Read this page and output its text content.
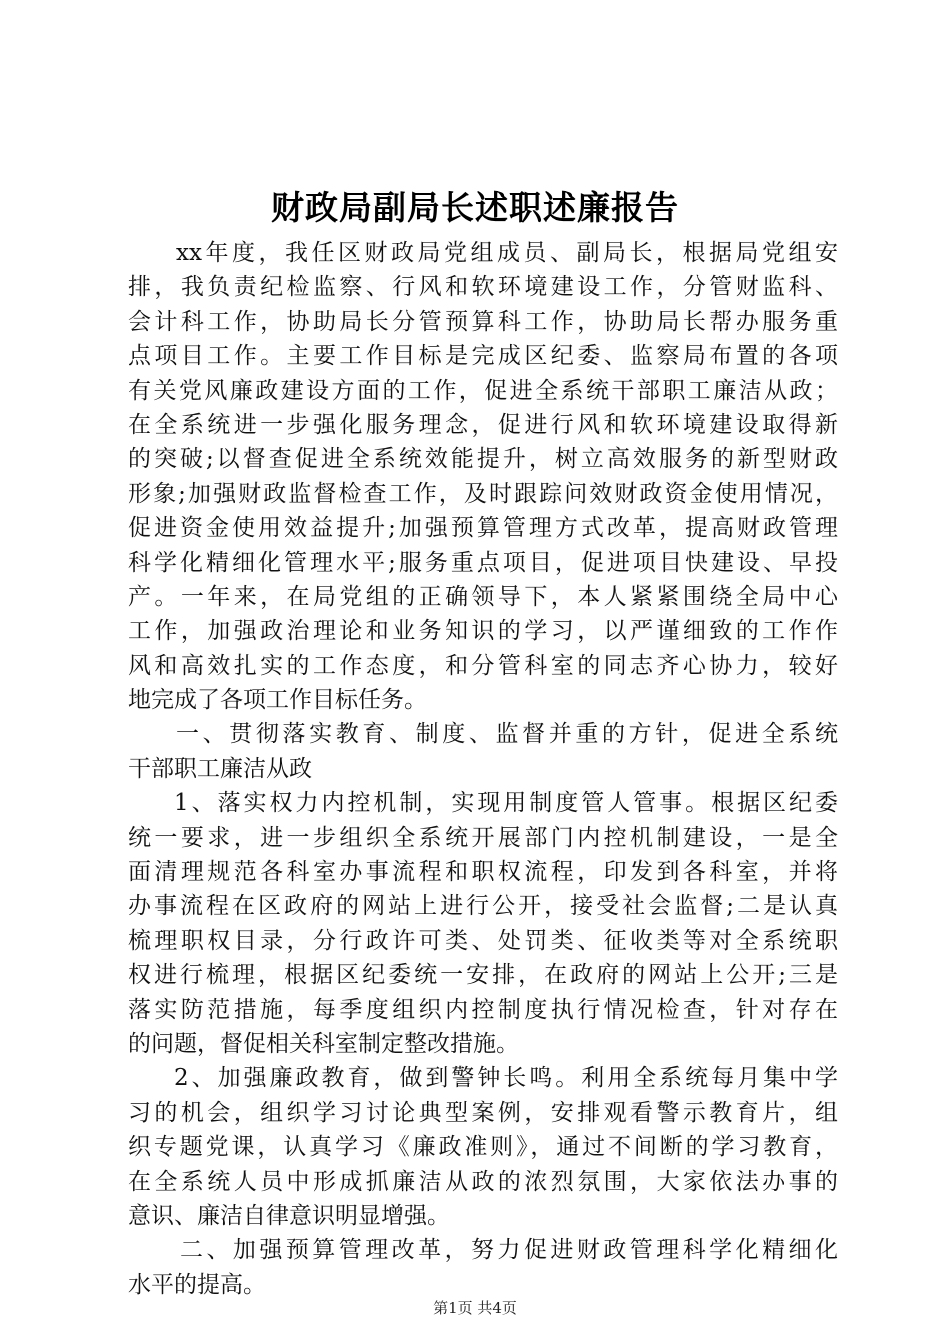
财政局副局长述职述廉报告
xx年度，我任区财政局党组成员、副局长，根据局党组安
排，我负责纪检监察、行风和软环境建设工作，分管财监科、
会计科工作，协助局长分管预算科工作，协助局长帮办服务重
点项目工作。主要工作目标是完成区纪委、监察局布置的各项
有关党风廉政建设方面的工作，促进全系统干部职工廉洁从政；
在全系统进一步强化服务理念，促进行风和软环境建设取得新
的突破;以督查促进全系统效能提升，树立高效服务的新型财政
形象;加强财政监督检查工作，及时跟踪问效财政资金使用情况，
促进资金使用效益提升;加强预算管理方式改革，提高财政管理
科学化精细化管理水平;服务重点项目，促进项目快建设、早投
产。一年来，在局党组的正确领导下，本人紧紧围绕全局中心
工作，加强政治理论和业务知识的学习，以严谨细致的工作作
风和高效扎实的工作态度，和分管科室的同志齐心协力，较好
地完成了各项工作目标任务。
一、贯彻落实教育、制度、监督并重的方针，促进全系统
干部职工廉洁从政
1、落实权力内控机制，实现用制度管人管事。根据区纪委
统一要求，进一步组织全系统开展部门内控机制建设，一是全
面清理规范各科室办事流程和职权流程，印发到各科室，并将
办事流程在区政府的网站上进行公开，接受社会监督;二是认真
梳理职权目录，分行政许可类、处罚类、征收类等对全系统职
权进行梳理，根据区纪委统一安排，在政府的网站上公开;三是
落实防范措施，每季度组织内控制度执行情况检查，针对存在
的问题，督促相关科室制定整改措施。
2、加强廉政教育，做到警钟长鸣。利用全系统每月集中学
习的机会，组织学习讨论典型案例，安排观看警示教育片，组
织专题党课，认真学习《廉政准则》，通过不间断的学习教育，
在全系统人员中形成抓廉洁从政的浓烈氛围，大家依法办事的
意识、廉洁自律意识明显增强。
二、加强预算管理改革，努力促进财政管理科学化精细化
水平的提高。
第1页 共4页
